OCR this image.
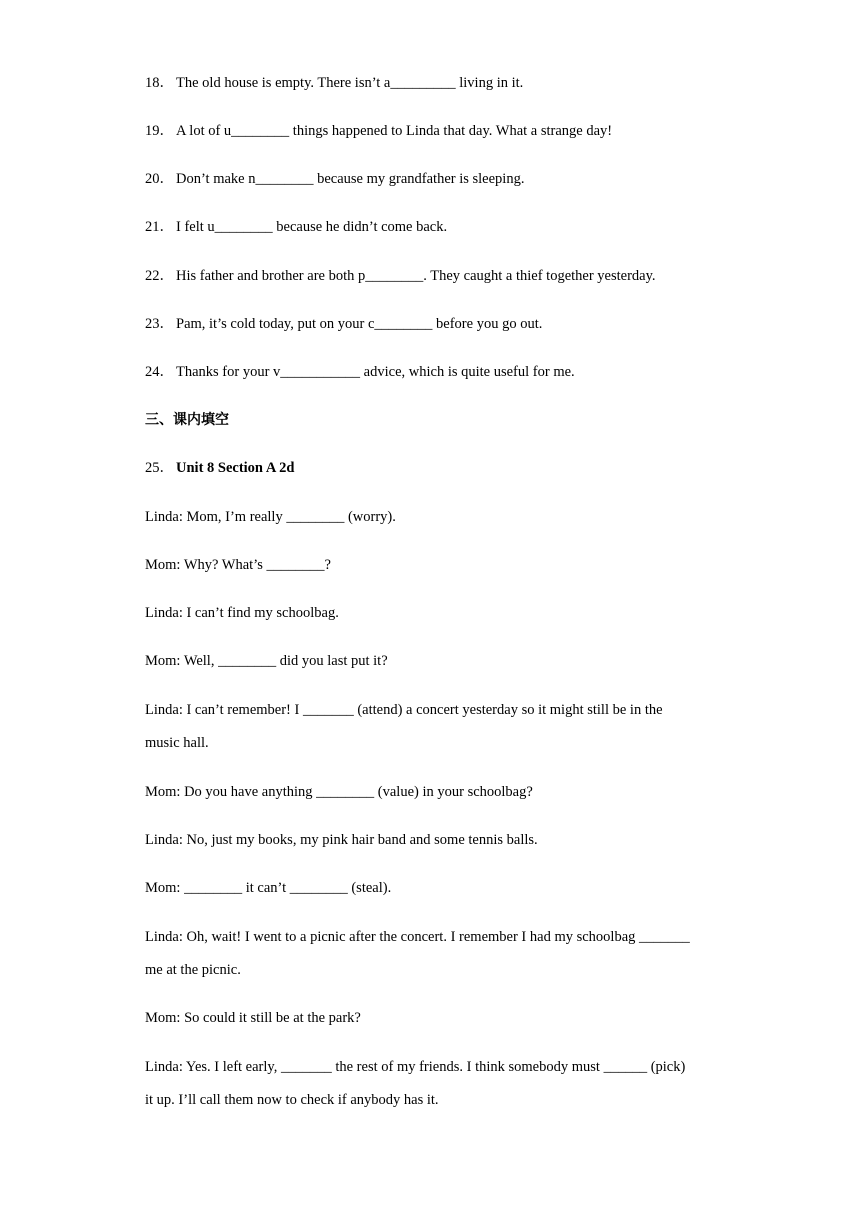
18． The old house is empty. There isn’t a_________ living in it.
19． A lot of u________ things happened to Linda that day. What a strange day!
20． Don’t make n________ because my grandfather is sleeping.
21． I felt u________ because he didn’t come back.
22． His father and brother are both p________. They caught a thief together yesterday.
23． Pam, it’s cold today, put on your c________ before you go out.
24． Thanks for your v___________ advice, which is quite useful for me.
三、课内填空
25． Unit 8 Section A 2d
Linda: Mom, I’m really ________ (worry).
Mom: Why? What’s ________?
Linda: I can’t find my schoolbag.
Mom: Well, ________ did you last put it?
Linda: I can’t remember! I _______ (attend) a concert yesterday so it might still be in the
music hall.
Mom: Do you have anything ________ (value) in your schoolbag?
Linda: No, just my books, my pink hair band and some tennis balls.
Mom: ________ it can’t ________ (steal).
Linda: Oh, wait! I went to a picnic after the concert. I remember I had my schoolbag _______
me at the picnic.
Mom: So could it still be at the park?
Linda: Yes. I left early, _______ the rest of my friends. I think somebody must ______ (pick)
it up. I’ll call them now to check if anybody has it.
